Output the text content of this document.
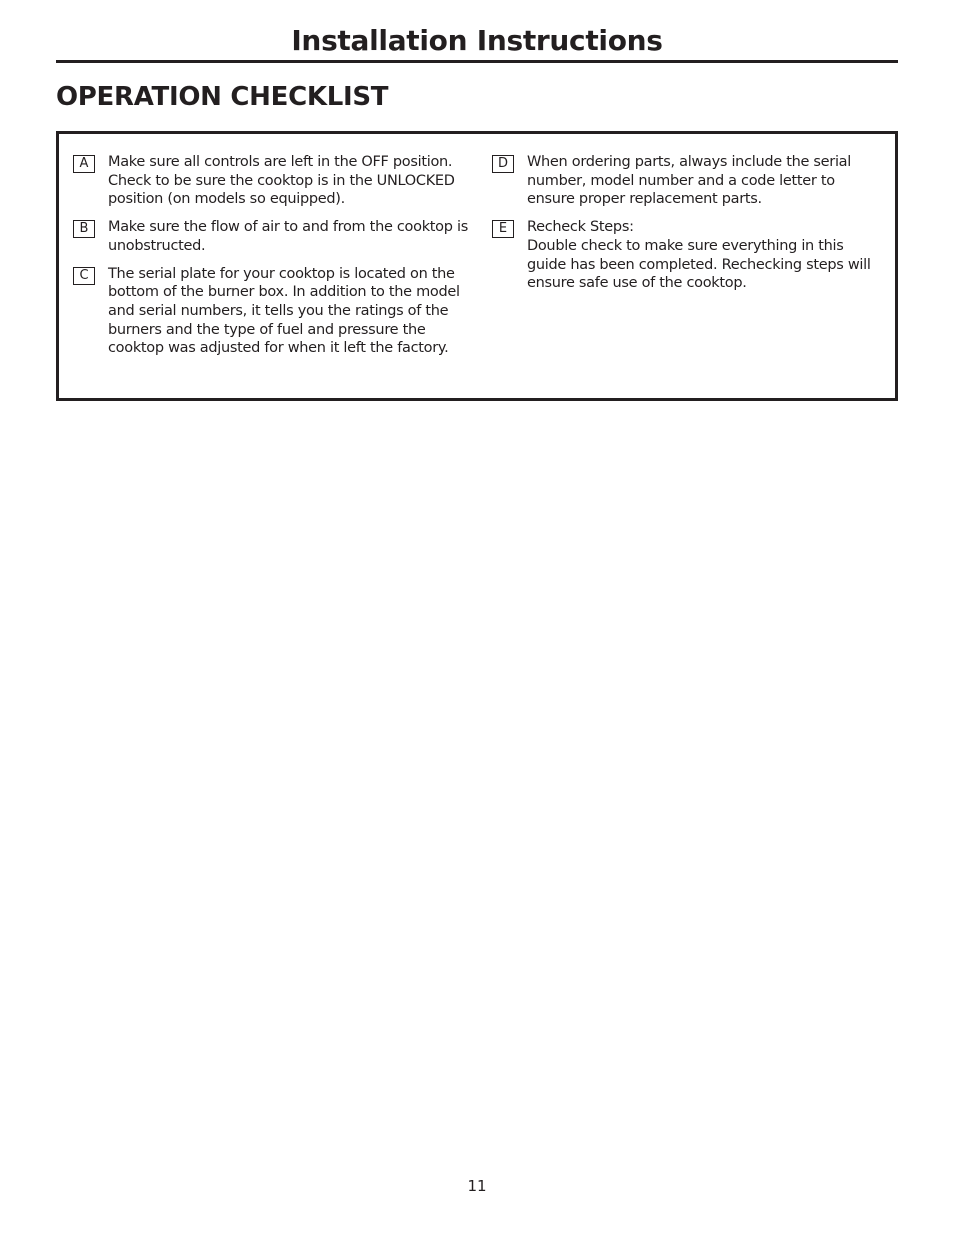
Installation Instructions
OPERATION CHECKLIST
A	Make sure all controls are left in the OFF position. Check to be sure the cooktop is in the UNLOCKED position (on models so equipped).
B	Make sure the flow of air to and from the cooktop is unobstructed.
C	The serial plate for your cooktop is located on the bottom of the burner box. In addition to the model and serial numbers, it tells you the ratings of the burners and the type of fuel and pressure the cooktop was adjusted for when it left the factory.
D	When ordering parts, always include the serial number, model number and a code letter to ensure proper replacement parts.
E	Recheck Steps:
Double check to make sure everything in this guide has been completed. Rechecking steps will ensure safe use of the cooktop.
11
